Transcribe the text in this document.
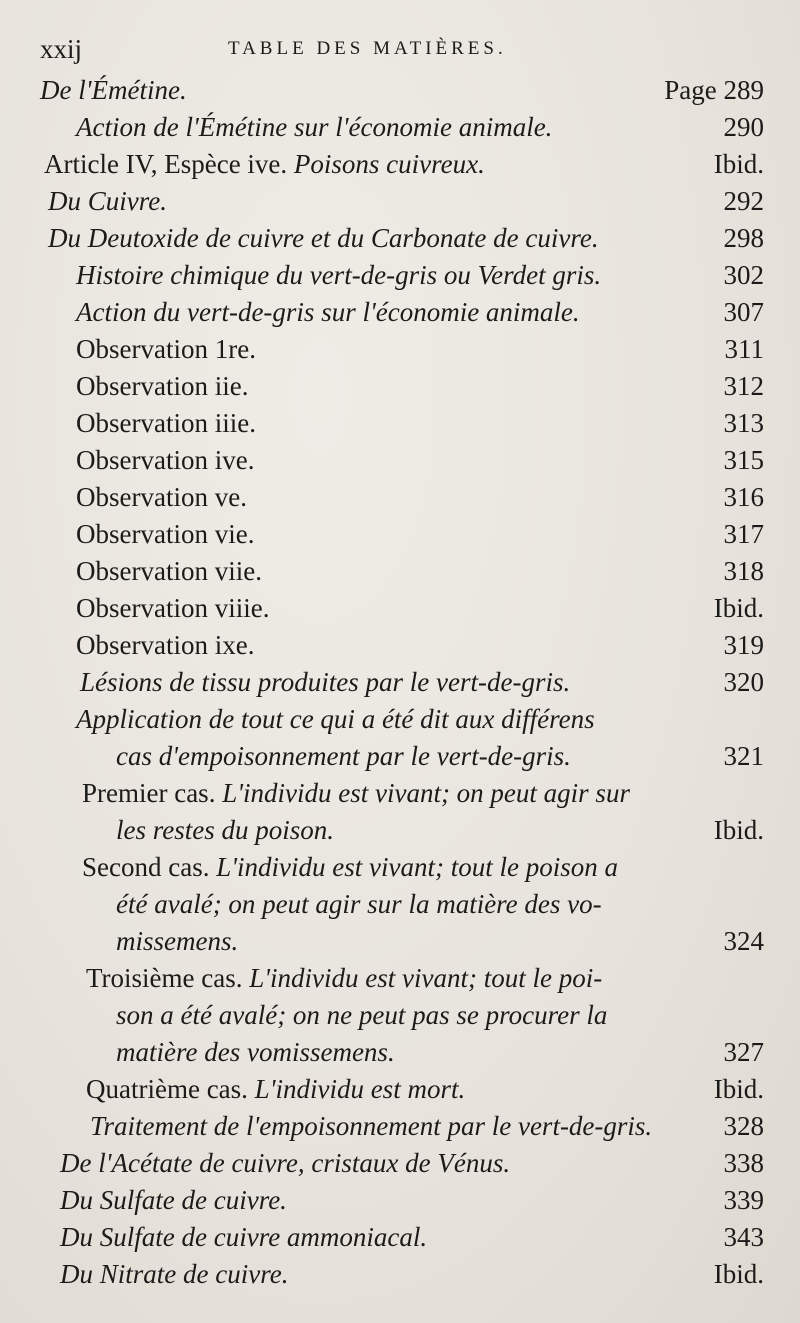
xxij	TABLE DES MATIÈRES.
De l'Émétine.	Page 289
Action de l'Émétine sur l'économie animale.	290
Article IV, Espèce ive. Poisons cuivreux.	Ibid.
Du Cuivre.	292
Du Deutoxide de cuivre et du Carbonate de cuivre.	298
Histoire chimique du vert-de-gris ou Verdet gris.	302
Action du vert-de-gris sur l'économie animale.	307
Observation 1re.	311
Observation iie.	312
Observation iiie.	313
Observation ive.	315
Observation ve.	316
Observation vie.	317
Observation viie.	318
Observation viiie.	Ibid.
Observation ixe.	319
Lésions de tissu produites par le vert-de-gris.	320
Application de tout ce qui a été dit aux différens
cas d'empoisonnement par le vert-de-gris.	321
Premier cas. L'individu est vivant; on peut agir sur
les restes du poison.	Ibid.
Second cas. L'individu est vivant; tout le poison a
été avalé; on peut agir sur la matière des vo-
missemens.	324
Troisième cas. L'individu est vivant; tout le poi-
son a été avalé; on ne peut pas se procurer la
matière des vomissemens.	327
Quatrième cas. L'individu est mort.	Ibid.
Traitement de l'empoisonnement par le vert-de-gris.	328
De l'Acétate de cuivre, cristaux de Vénus.	338
Du Sulfate de cuivre.	339
Du Sulfate de cuivre ammoniacal.	343
Du Nitrate de cuivre.	Ibid.
